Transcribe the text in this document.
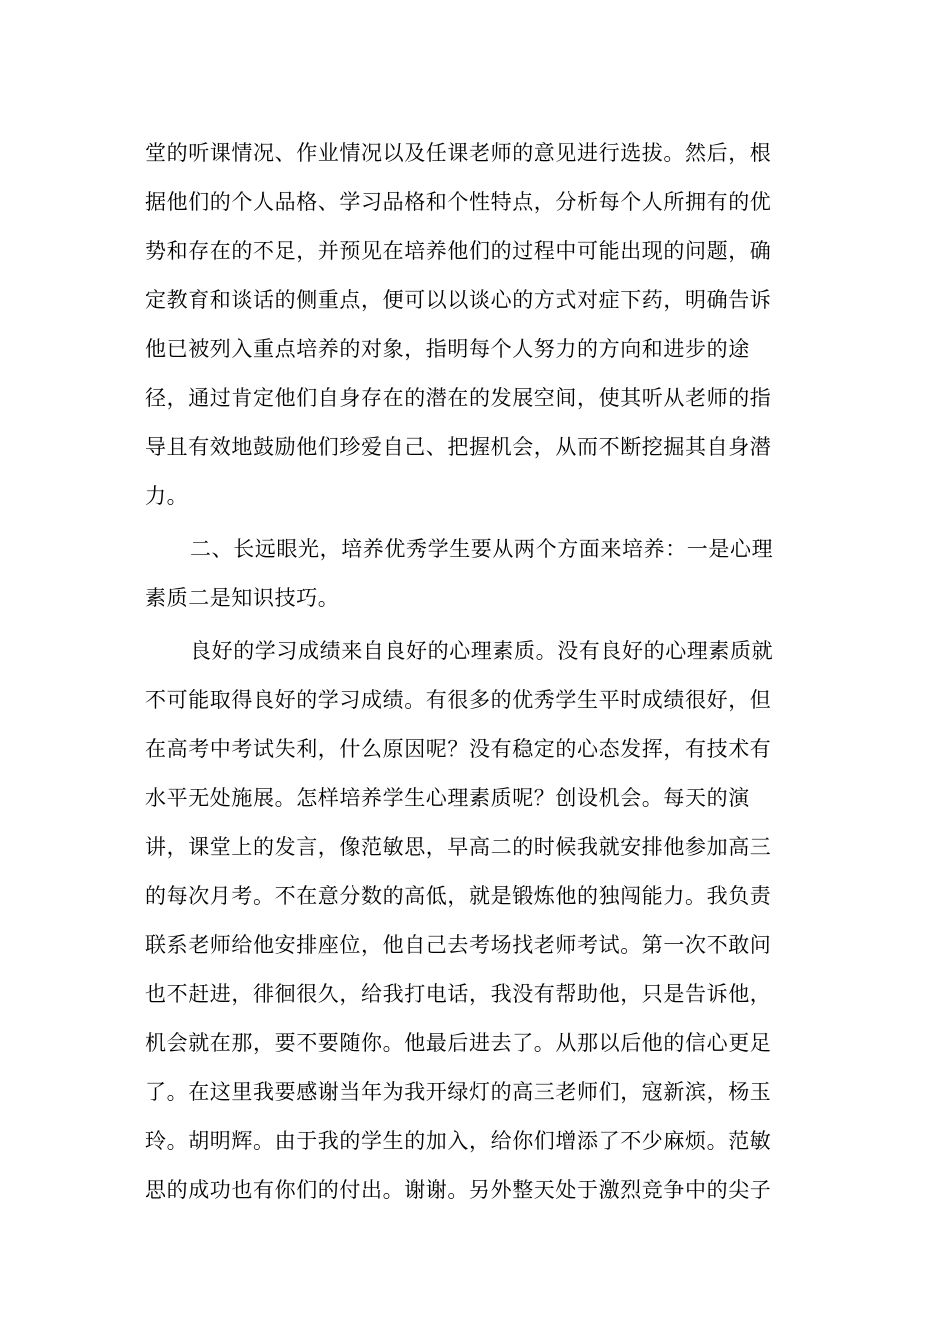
堂的听课情况、作业情况以及任课老师的意见进行选拔。然后，根
据他们的个人品格、学习品格和个性特点，分析每个人所拥有的优
势和存在的不足，并预见在培养他们的过程中可能出现的问题，确
定教育和谈话的侧重点，便可以以谈心的方式对症下药，明确告诉
他已被列入重点培养的对象，指明每个人努力的方向和进步的途
径，通过肯定他们自身存在的潜在的发展空间，使其听从老师的指
导且有效地鼓励他们珍爱自己、把握机会，从而不断挖掘其自身潜
力。
二、长远眼光，培养优秀学生要从两个方面来培养：一是心理
素质二是知识技巧。
良好的学习成绩来自良好的心理素质。没有良好的心理素质就
不可能取得良好的学习成绩。有很多的优秀学生平时成绩很好，但
在高考中考试失利，什么原因呢？没有稳定的心态发挥，有技术有
水平无处施展。怎样培养学生心理素质呢？创设机会。每天的演
讲，课堂上的发言，像范敏思，早高二的时候我就安排他参加高三
的每次月考。不在意分数的高低，就是锻炼他的独闯能力。我负责
联系老师给他安排座位，他自己去考场找老师考试。第一次不敢问
也不赶进，徘徊很久，给我打电话，我没有帮助他，只是告诉他，
机会就在那，要不要随你。他最后进去了。从那以后他的信心更足
了。在这里我要感谢当年为我开绿灯的高三老师们，寇新滨，杨玉
玲。胡明辉。由于我的学生的加入，给你们增添了不少麻烦。范敏
思的成功也有你们的付出。谢谢。另外整天处于激烈竞争中的尖子
